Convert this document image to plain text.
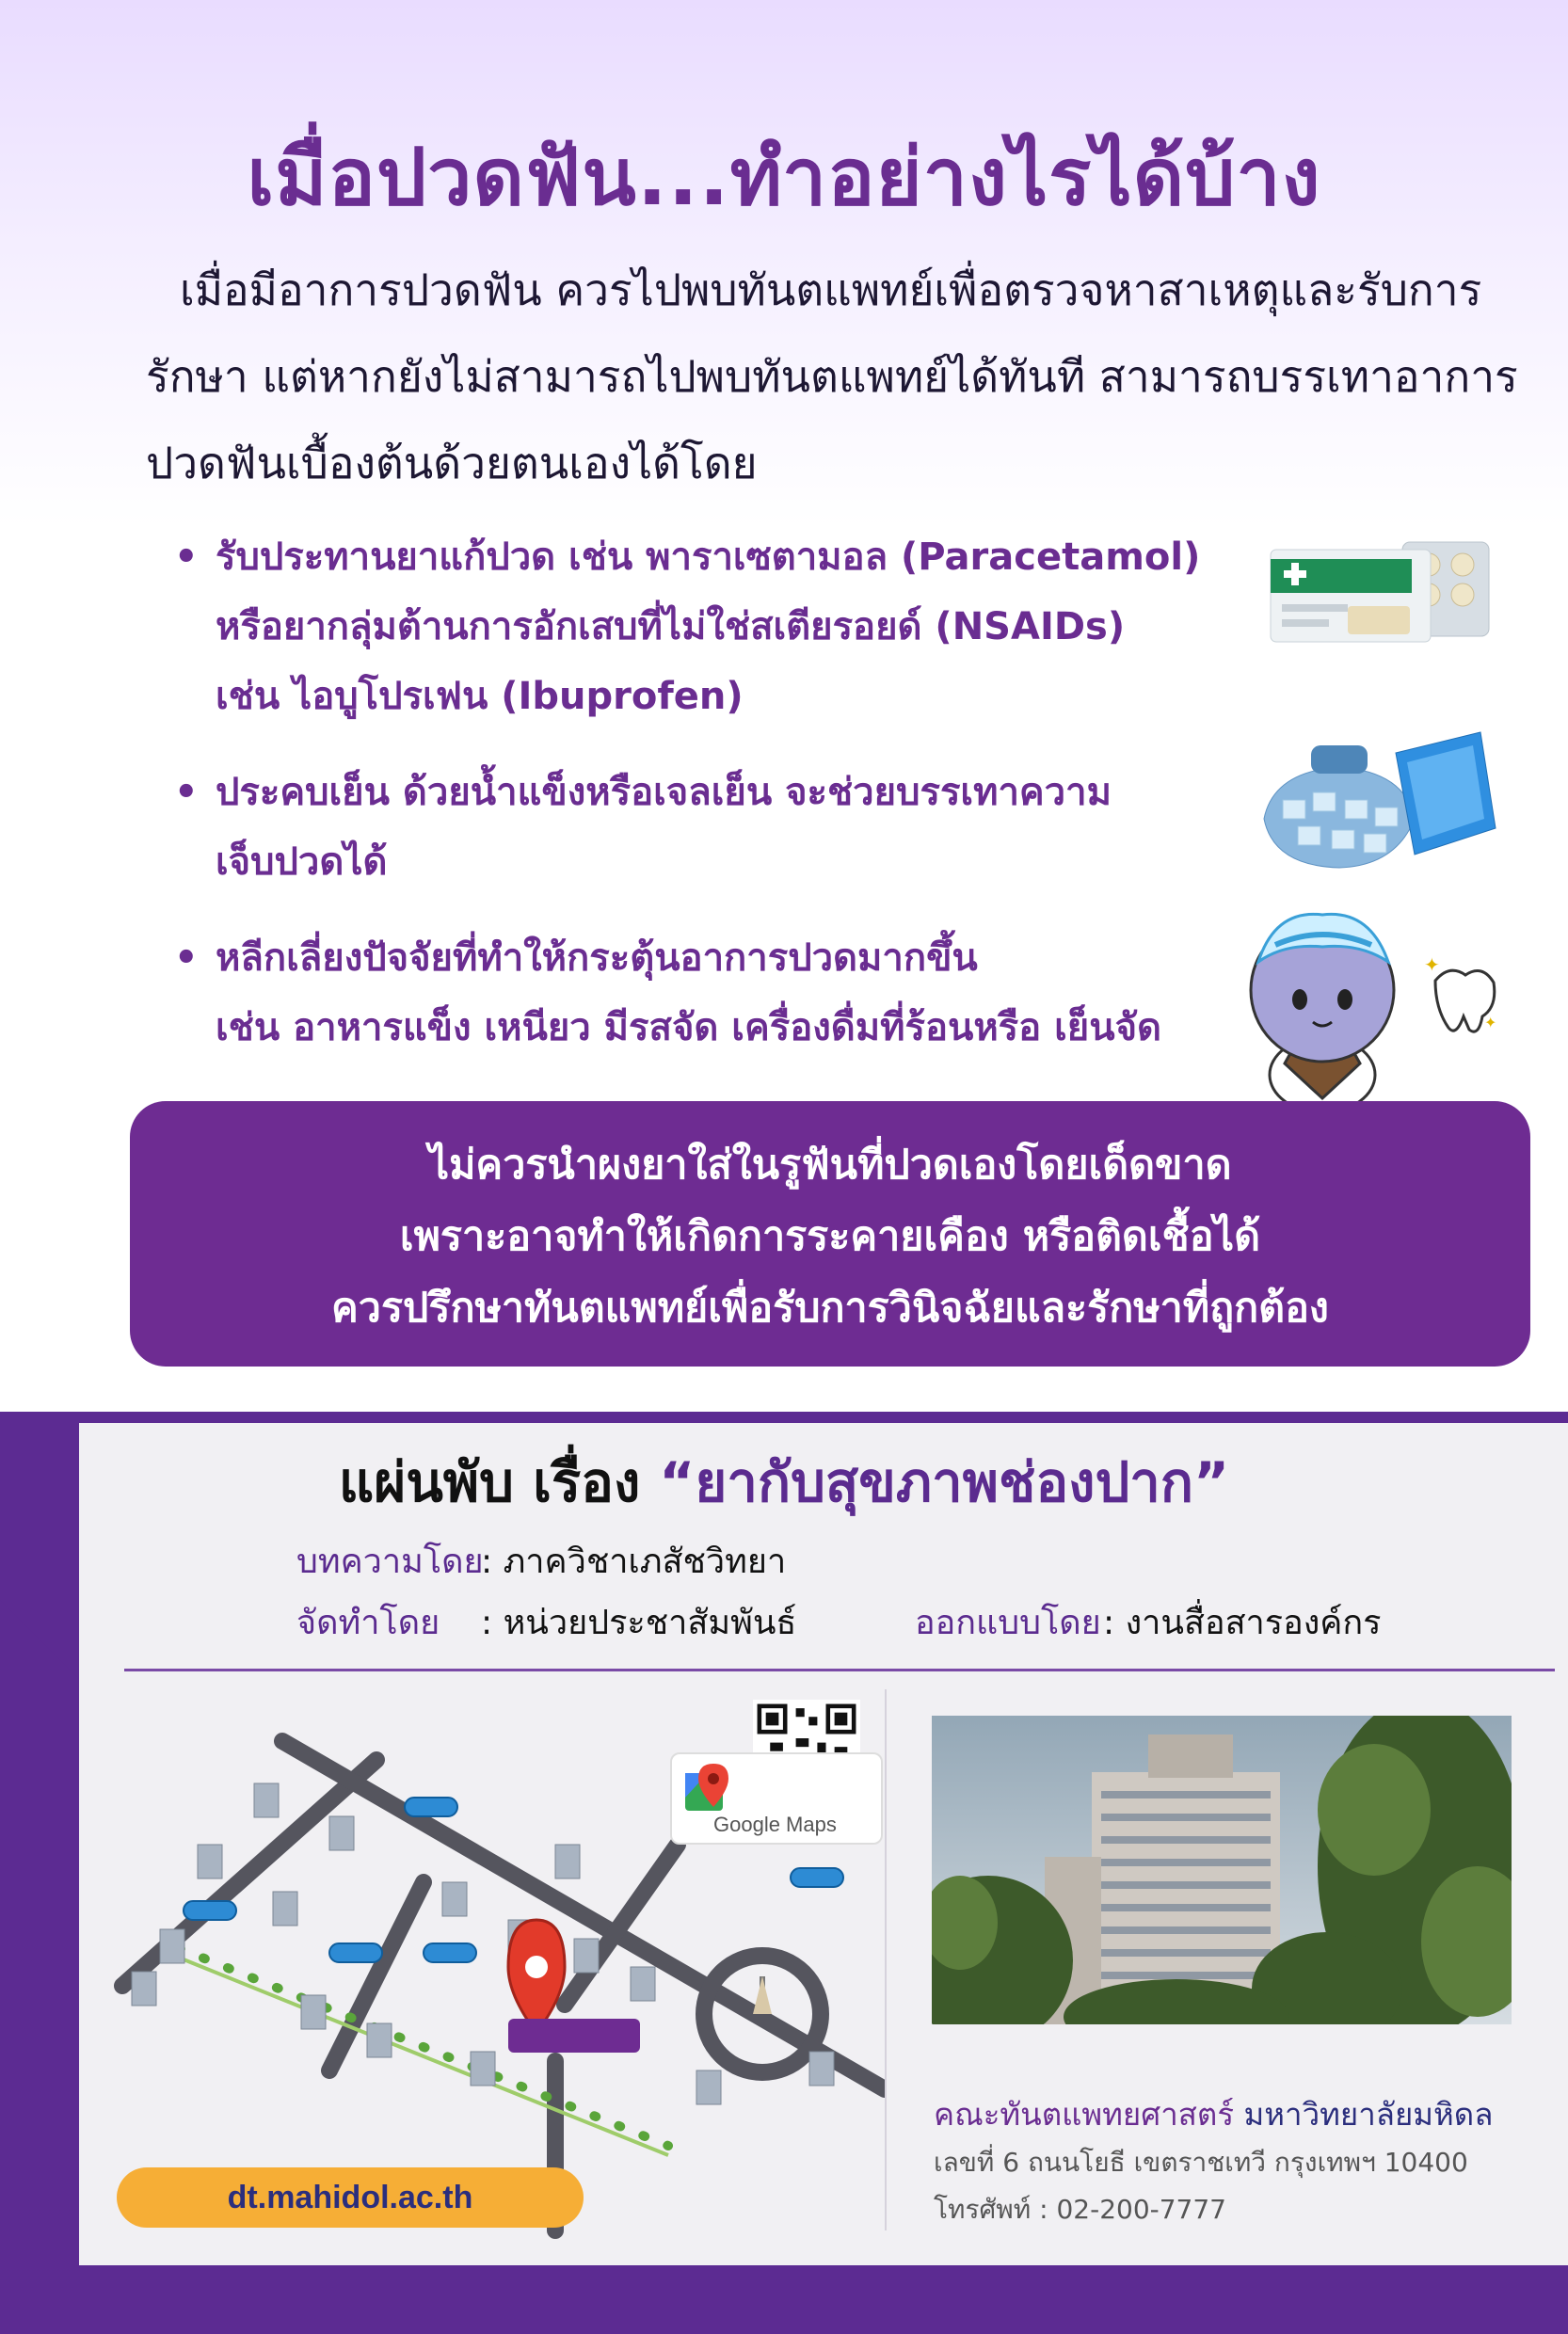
เมื่อปวดฟัน...ทำอย่างไรได้บ้าง
เมื่อมีอาการปวดฟัน ควรไปพบทันตแพทย์เพื่อตรวจหาสาเหตุและรับการ
รักษา แต่หากยังไม่สามารถไปพบทันตแพทย์ได้ทันที สามารถบรรเทาอาการ
ปวดฟันเบื้องต้นด้วยตนเองได้โดย
• รับประทานยาแก้ปวด เช่น พาราเซตามอล (Paracetamol)
หรือยากลุ่มต้านการอักเสบที่ไม่ใช่สเตียรอยด์ (NSAIDs)
เช่น ไอบูโปรเฟน (Ibuprofen)
• ประคบเย็น ด้วยน้ำแข็งหรือเจลเย็น จะช่วยบรรเทาความ
เจ็บปวดได้
• หลีกเลี่ยงปัจจัยที่ทำให้กระตุ้นอาการปวดมากขึ้น
เช่น อาหารแข็ง เหนียว มีรสจัด เครื่องดื่มที่ร้อนหรือ เย็นจัด
✦
✦
ไม่ควรนำผงยาใส่ในรูฟันที่ปวดเองโดยเด็ดขาด
เพราะอาจทำให้เกิดการระคายเคือง หรือติดเชื้อได้
ควรปรึกษาทันตแพทย์เพื่อรับการวินิจฉัยและรักษาที่ถูกต้อง
แผ่นพับ เรื่อง “ยากับสุขภาพช่องปาก”
บทความโดย: ภาควิชาเภสัชวิทยา
จัดทำโดย : หน่วยประชาสัมพันธ์	ออกแบบโดย: งานสื่อสารองค์กร
Google Maps
dt.mahidol.ac.th
คณะทันตแพทยศาสตร์ มหาวิทยาลัยมหิดล
เลขที่ 6 ถนนโยธี เขตราชเทวี กรุงเทพฯ 10400
โทรศัพท์ : 02-200-7777
